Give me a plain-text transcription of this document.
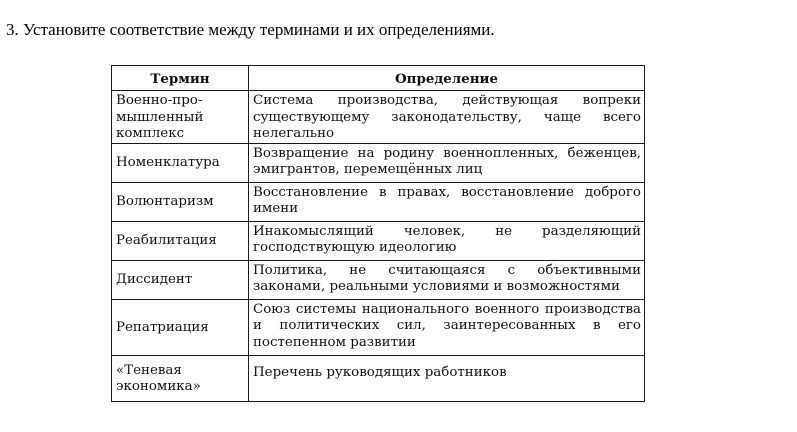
3. Установите соответствие между терминами и их определениями.
Термин	Определение

Военно-про-
мышленный
комплекс	Система производства, действующая вопреки существующему законодательству, чаще всего нелегально

Номенклатура	Возвращение на родину военнопленных, беженцев, эмигрантов, перемещённых лиц

Волюнтаризм	Восстановление в правах, восстановление доброго имени

Реабилитация	Инакомыслящий человек, не разделяющий господствующую идеологию

Диссидент	Политика, не считающаяся с объективными законами, реальными условиями и возможностями

Репатриация	Союз системы национального военного производства и политических сил, заинтересованных в его постепенном развитии

«Теневая
экономика»	Перечень руководящих работников
